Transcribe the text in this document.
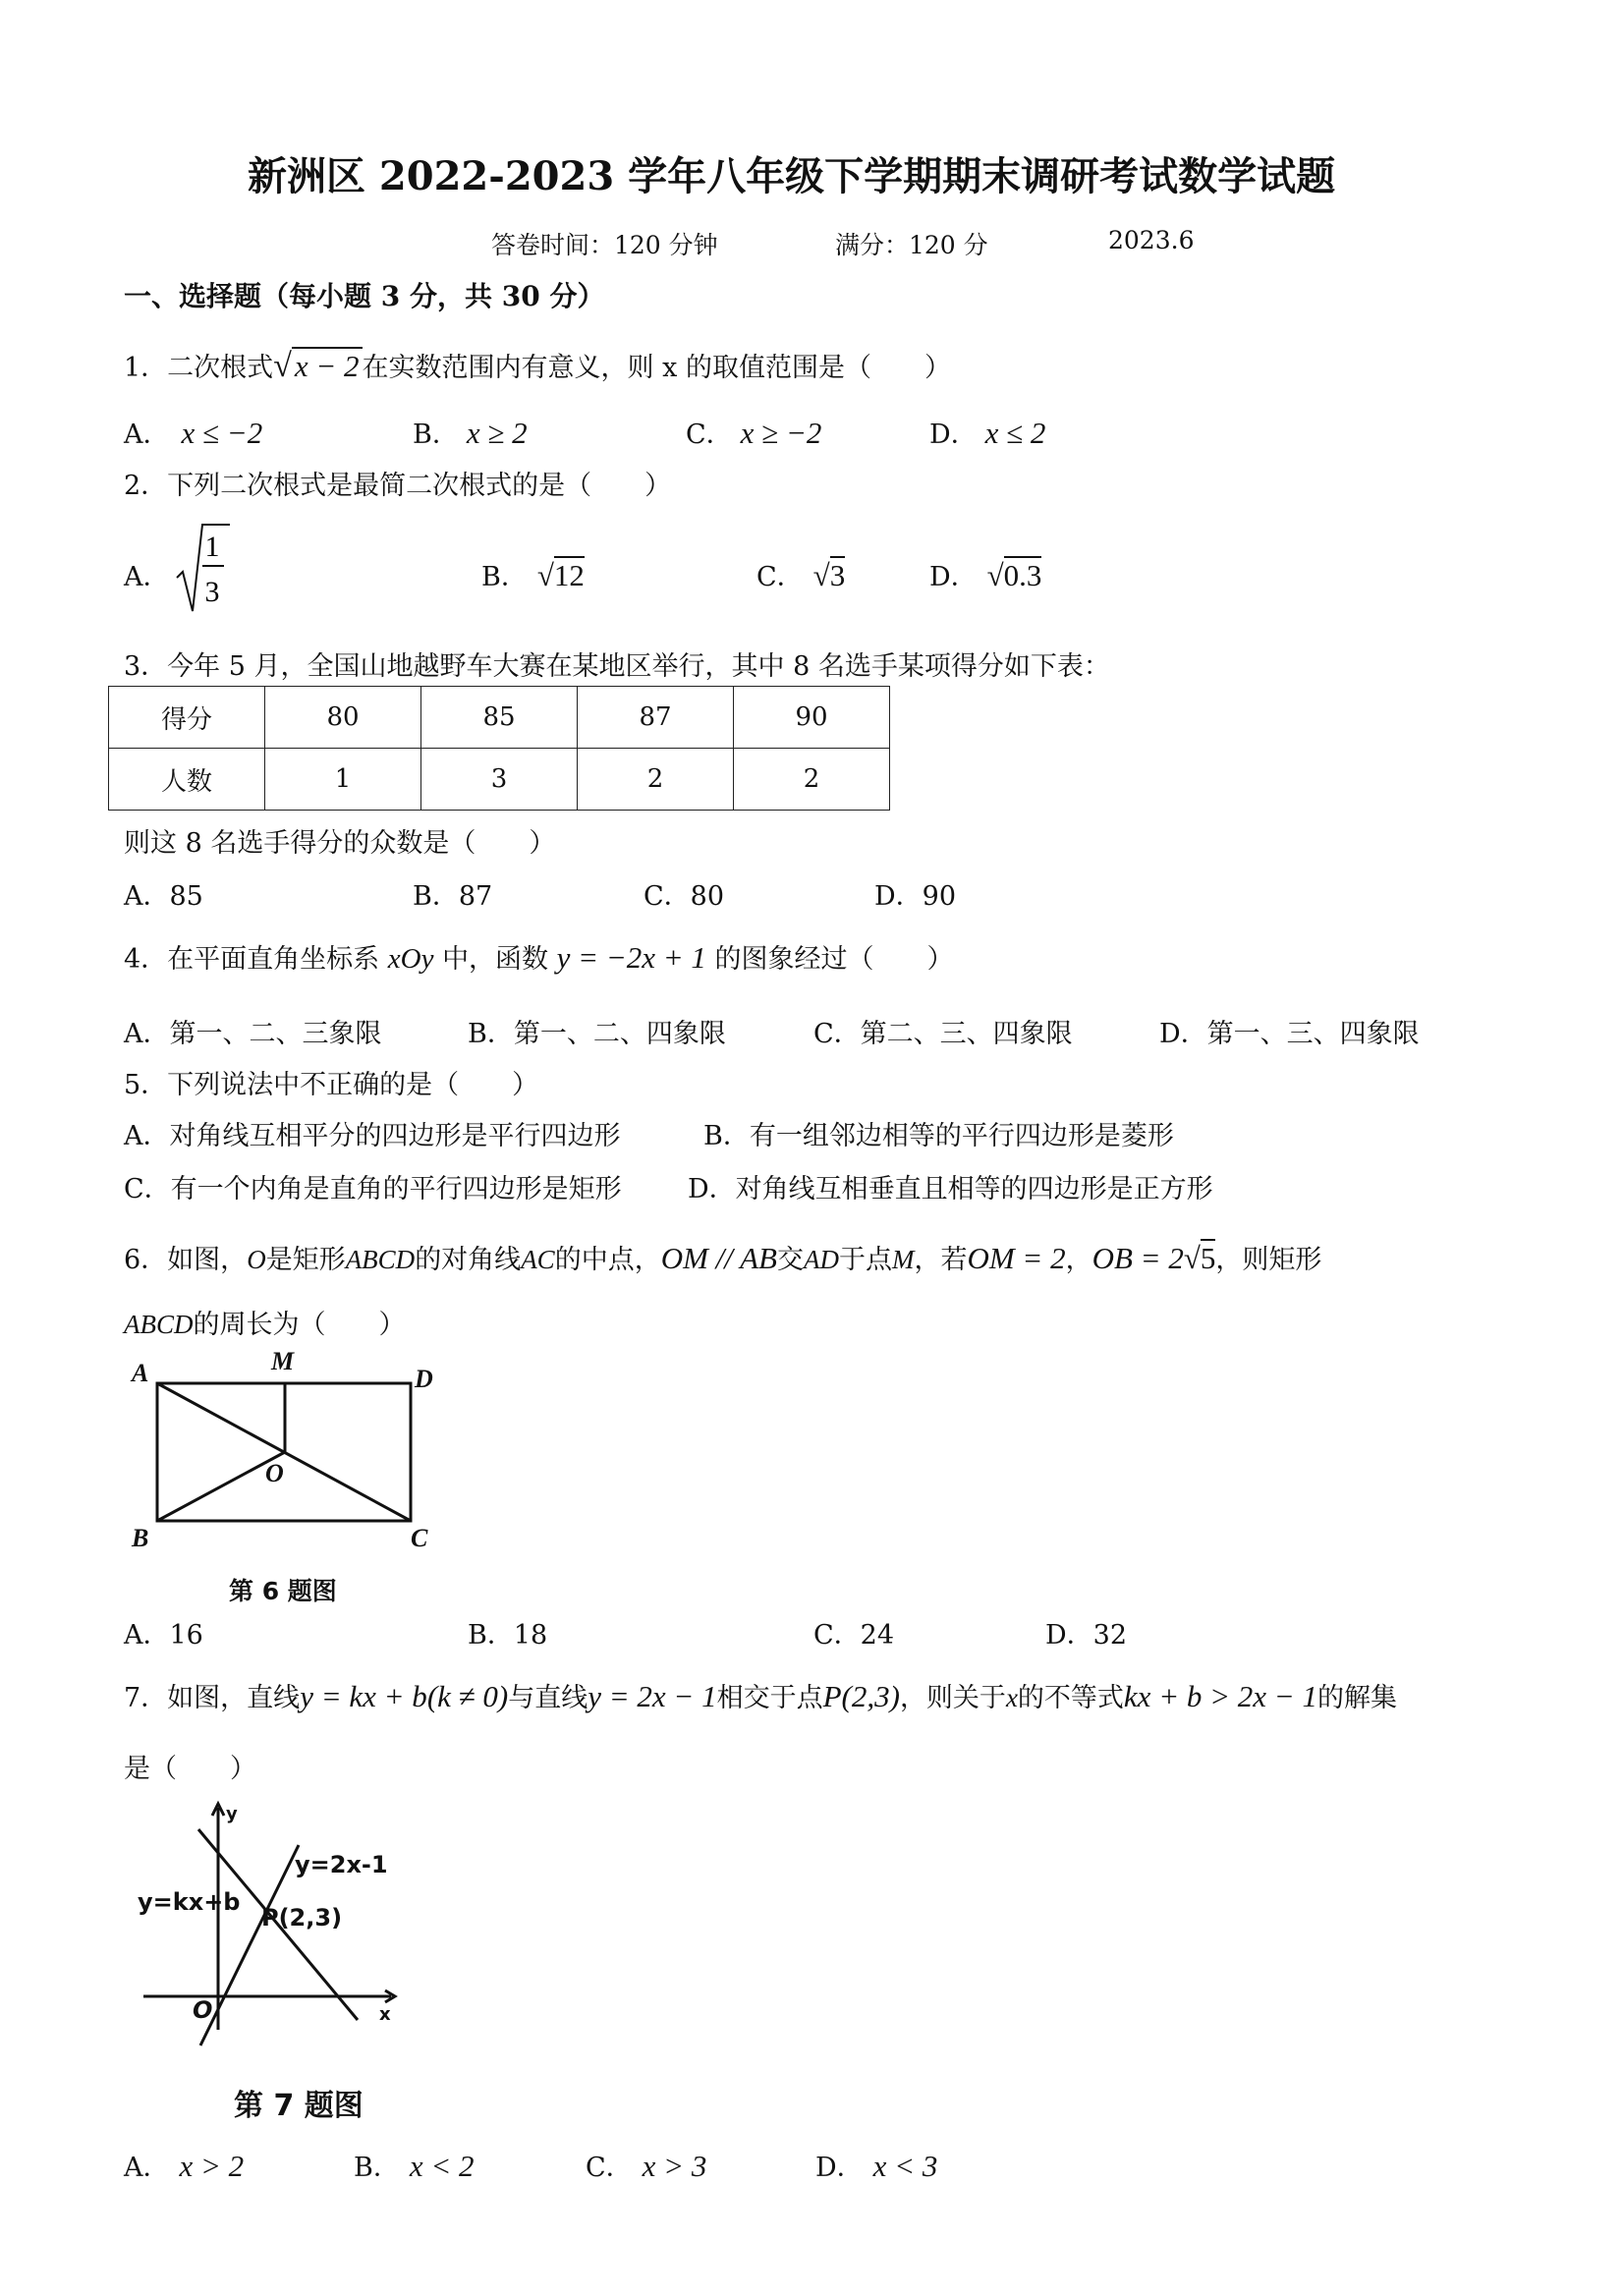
新洲区 2022-2023 学年八年级下学期期末调研考试数学试题
答卷时间：120 分钟	满分：120 分	2023.6
一、选择题（每小题 3 分，共 30 分）
1．二次根式√x − 2 在实数范围内有意义，则 x 的取值范围是（　　）
A． x ≤ −2	B． x ≥ 2	C． x ≥ −2	D． x ≤ 2
2．下列二次根式是最简二次根式的是（　　）
A．
1
3	B． √12	C． √3	D． √0.3
3．今年 5 月，全国山地越野车大赛在某地区举行，其中 8 名选手某项得分如下表：
得分	80	85	87	90
人数	1	3	2	2
则这 8 名选手得分的众数是（　　）
A．85	B．87	C．80	D．90
4．在平面直角坐标系 xOy 中，函数 y = −2x + 1 的图象经过（　　）
A．第一、二、三象限	B．第一、二、四象限	C．第二、三、四象限	D．第一、三、四象限
5．下列说法中不正确的是（　　）
A．对角线互相平分的四边形是平行四边形	B．有一组邻边相等的平行四边形是菱形
C．有一个内角是直角的平行四边形是矩形 D．对角线互相垂直且相等的四边形是正方形
6．如图，O是矩形ABCD的对角线AC的中点，OM // AB交AD于点M，若OM = 2，OB = 2√5，则矩形
ABCD的周长为（　　）
A	M
D
O
B	C
第 6 题图
A．16	B．18	C．24	D．32
7．如图，直线y = kx + b(k ≠ 0)与直线y = 2x − 1相交于点P(2,3)，则关于x的不等式kx + b > 2x − 1的解集
是（　　）
y
x
O
y=kx+b
y=2x-1
P(2,3)
第 7 题图
A． x > 2	B． x < 2	C． x > 3	D． x < 3
